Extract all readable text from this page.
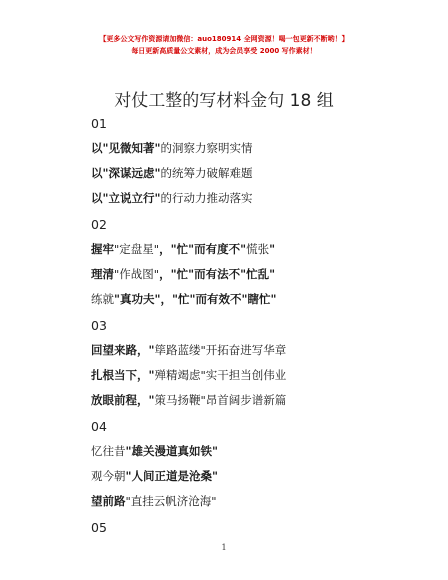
【更多公文写作资源请加微信：auo180914 全网资源！喝一包更新不断哟！】
每日更新高质量公文素材，成为会员享受 2000 写作素材！
对仗工整的写材料金句 18 组
01
以"见微知著"的洞察力察明实情
以"深谋远虑"的统筹力破解难题
以"立说立行"的行动力推动落实
02
握牢"定盘星"，"忙"而有度不"慌张"
理清"作战图"，"忙"而有法不"忙乱"
练就"真功夫"，"忙"而有效不"瞎忙"
03
回望来路，"筚路蓝缕"开拓奋进写华章
扎根当下，"殚精竭虑"实干担当创伟业
放眼前程，"策马扬鞭"昂首阔步谱新篇
04
忆往昔"雄关漫道真如铁"
观今朝"人间正道是沧桑"
望前路"直挂云帆济沧海"
05
1
